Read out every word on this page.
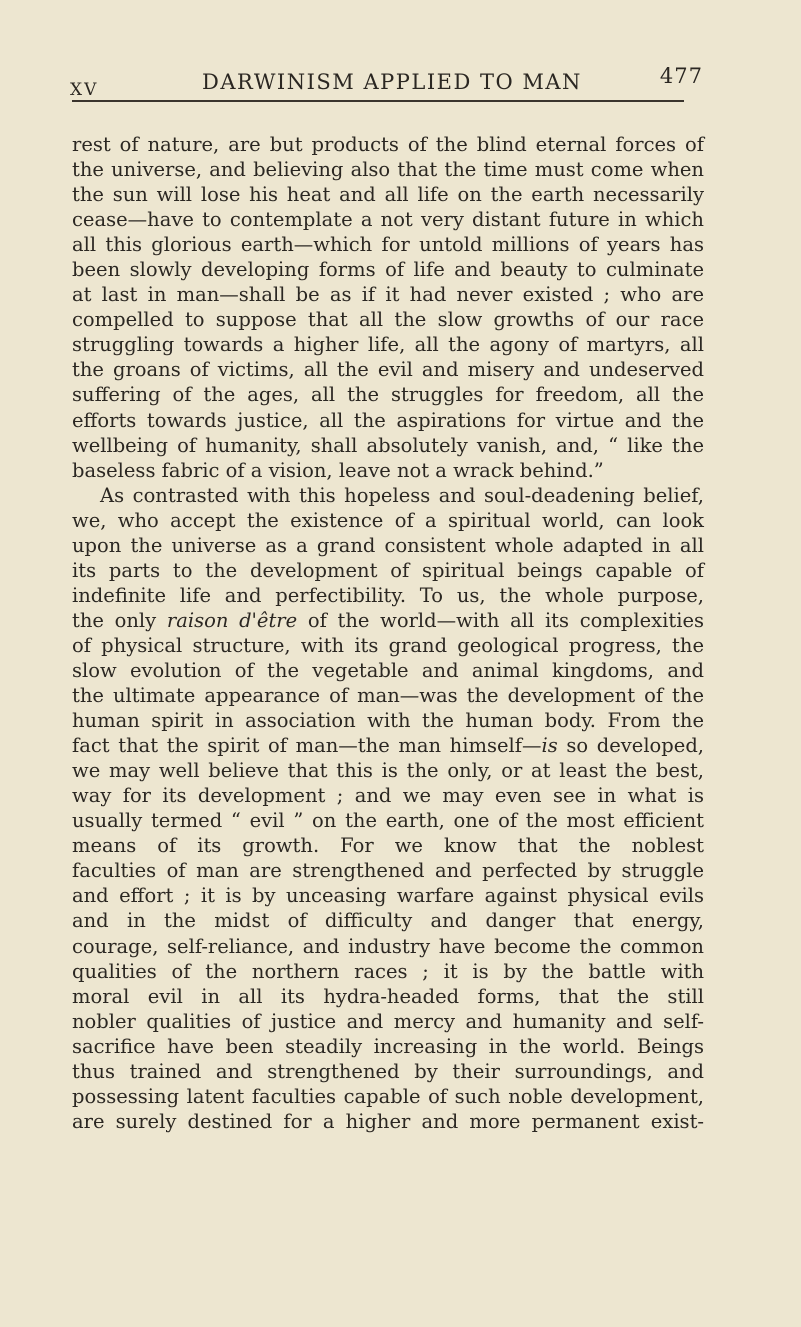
XV	DARWINISM APPLIED TO MAN	477

rest of nature, are but products of the blind eternal forces of
the universe, and believing also that the time must come when
the sun will lose his heat and all life on the earth necessarily
cease—have to contemplate a not very distant future in which
all this glorious earth—which for untold millions of years has
been slowly developing forms of life and beauty to culminate
at last in man—shall be as if it had never existed ; who are
compelled to suppose that all the slow growths of our race
struggling towards a higher life, all the agony of martyrs, all
the groans of victims, all the evil and misery and undeserved
suffering of the ages, all the struggles for freedom, all the
efforts towards justice, all the aspirations for virtue and the
wellbeing of humanity, shall absolutely vanish, and, “ like the
baseless fabric of a vision, leave not a wrack behind.”

As contrasted with this hopeless and soul-deadening belief,
we, who accept the existence of a spiritual world, can look
upon the universe as a grand consistent whole adapted in all
its parts to the development of spiritual beings capable of
indefinite life and perfectibility. To us, the whole purpose,
the only raison d'être of the world—with all its complexities
of physical structure, with its grand geological progress, the
slow evolution of the vegetable and animal kingdoms, and
the ultimate appearance of man—was the development of the
human spirit in association with the human body. From the
fact that the spirit of man—the man himself—is so developed,
we may well believe that this is the only, or at least the best,
way for its development ; and we may even see in what is
usually termed “ evil ” on the earth, one of the most efficient
means of its growth. For we know that the noblest
faculties of man are strengthened and perfected by struggle
and effort ; it is by unceasing warfare against physical evils
and in the midst of difficulty and danger that energy,
courage, self-reliance, and industry have become the common
qualities of the northern races ; it is by the battle with
moral evil in all its hydra-headed forms, that the still
nobler qualities of justice and mercy and humanity and self-
sacrifice have been steadily increasing in the world. Beings
thus trained and strengthened by their surroundings, and
possessing latent faculties capable of such noble development,
are surely destined for a higher and more permanent exist-
